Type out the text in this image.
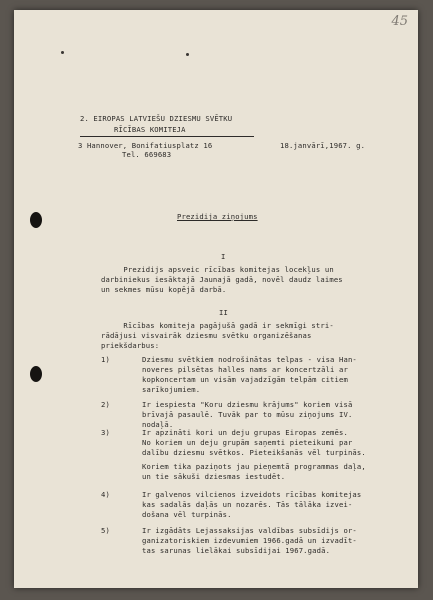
45

2. EIROPAS LATVIEŠU DZIESMU SVĒTKU

RĪCĪBAS KOMITEJA

3 Hannover, Bonifatiusplatz 16

Tel. 669683

18.janvārī,1967. g.

Prezidija ziņojums

I

Prezidijs apsveic rīcības komitejas locekļus un

darbiniekus iesāktajā Jaunajā gadā, novēl daudz laimes

un sekmes mūsu kopējā darbā.

II

Rīcības komiteja pagājušā gadā ir sekmīgi stri-

rādājusi visvairāk dziesmu svētku organizēšanas

priekšdarbus:

1)	Dziesmu svētkiem nodrošinātas telpas - visa Han-

noveres pilsētas halles nams ar koncertzāli ar

kopkoncertam un visām vajadzīgām telpām citiem

sarīkojumiem.

2)	Ir iespiesta "Koru dziesmu krājums" koriem visā

brīvajā pasaulē. Tuvāk par to mūsu ziņojums IV.

nodaļā.

3)	Ir apzināti kori un deju grupas Eiropas zemēs.

No koriem un deju grupām saņemti pieteikumi par

dalību dziesmu svētkos. Pieteikšanās vēl turpinās.

Koriem tika paziņots jau pieņemtā programmas daļa,

un tie sākuši dziesmas iestudēt.

4)	Ir galvenos vilcienos izveidots rīcības komitejas

kas sadalās daļās un nozarēs. Tās tālāka izvei-

došana vēl turpinās.

5)	Ir izgādāts Lejassaksijas valdības subsīdijs or-

ganizatoriskiem izdevumiem 1966.gadā un izvadīt-

tas sarunas lielākai subsīdijai 1967.gadā.
